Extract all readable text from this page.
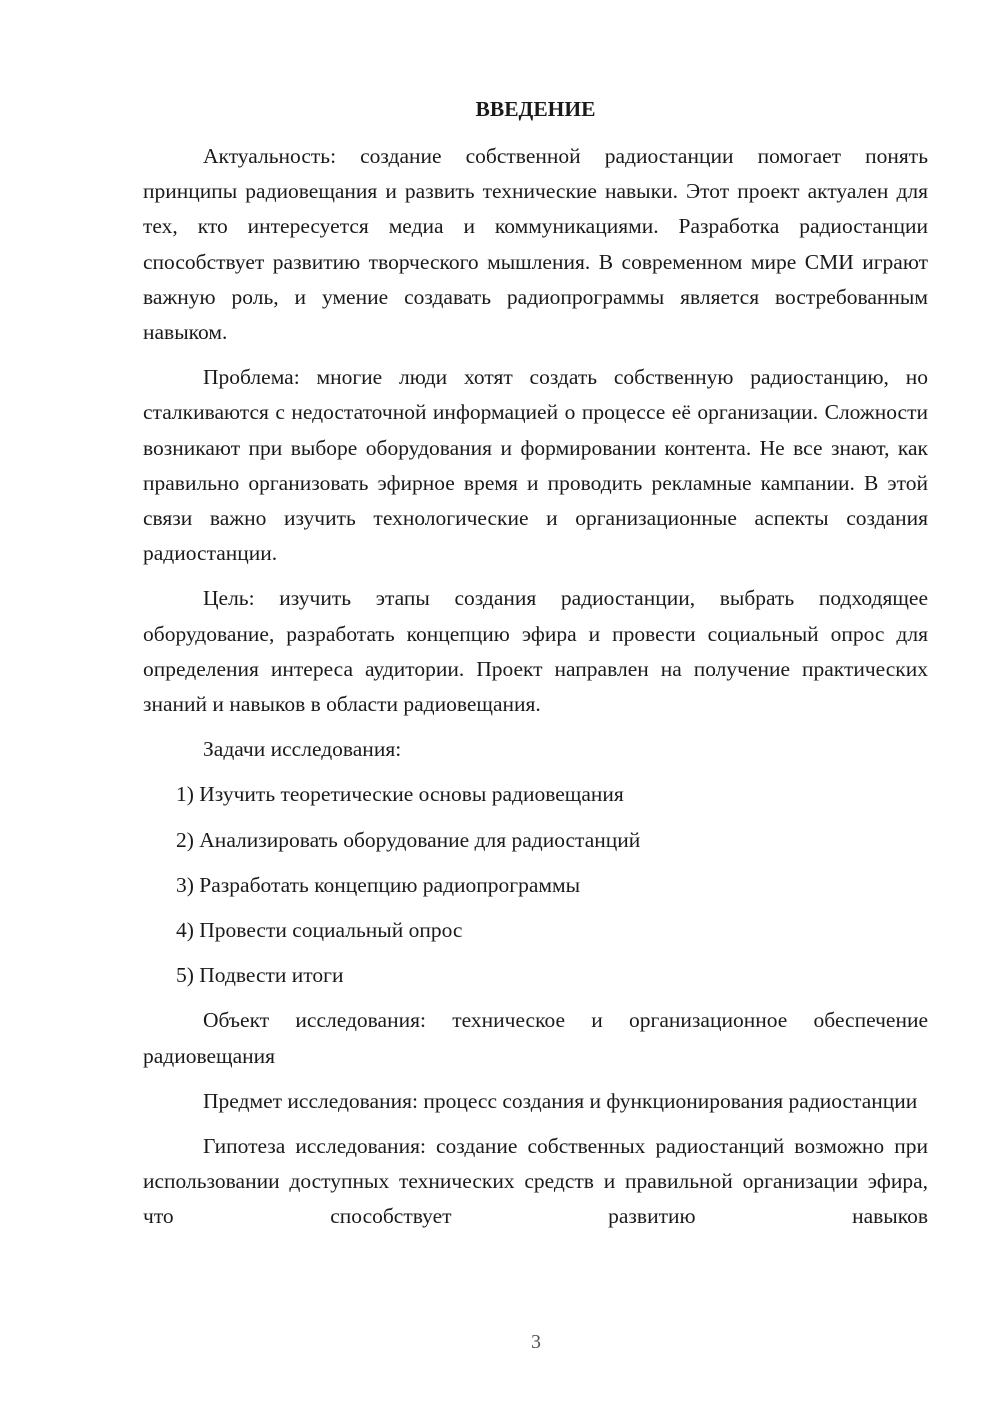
ВВЕДЕНИЕ

Актуальность: создание собственной радиостанции помогает понять принципы радиовещания и развить технические навыки. Этот проект актуален для тех, кто интересуется медиа и коммуникациями. Разработка радиостанции способствует развитию творческого мышления. В современном мире СМИ играют важную роль, и умение создавать радиопрограммы является востребованным навыком.

Проблема: многие люди хотят создать собственную радиостанцию, но сталкиваются с недостаточной информацией о процессе её организации. Сложности возникают при выборе оборудования и формировании контента. Не все знают, как правильно организовать эфирное время и проводить рекламные кампании. В этой связи важно изучить технологические и организационные аспекты создания радиостанции.

Цель: изучить этапы создания радиостанции, выбрать подходящее оборудование, разработать концепцию эфира и провести социальный опрос для определения интереса аудитории. Проект направлен на получение практических знаний и навыков в области радиовещания.

Задачи исследования:

1) Изучить теоретические основы радиовещания
2) Анализировать оборудование для радиостанций
3) Разработать концепцию радиопрограммы
4) Провести социальный опрос
5) Подвести итоги

Объект исследования: техническое и организационное обеспечение радиовещания

Предмет исследования: процесс создания и функционирования радиостанции

Гипотеза исследования: создание собственных радиостанций возможно при использовании доступных технических средств и правильной организации эфира, что способствует развитию навыков

3
